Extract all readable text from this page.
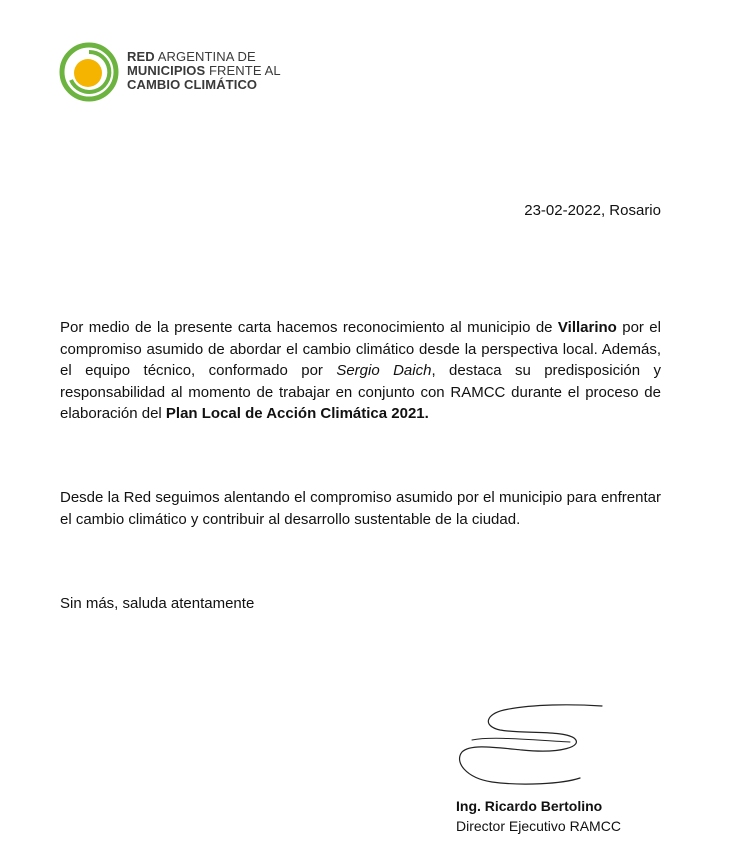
RED ARGENTINA DE
MUNICIPIOS FRENTE AL
CAMBIO CLIMÁTICO
23-02-2022, Rosario
Por medio de la presente carta hacemos reconocimiento al municipio de Villarino por el compromiso asumido de abordar el cambio climático desde la perspectiva local. Además, el equipo técnico, conformado por Sergio Daich, destaca su predisposición y responsabilidad al momento de trabajar en conjunto con RAMCC durante el proceso de elaboración del Plan Local de Acción Climática 2021.
Desde la Red seguimos alentando el compromiso asumido por el municipio para enfrentar el cambio climático y contribuir al desarrollo sustentable de la ciudad.
Sin más, saluda atentamente
Ing. Ricardo Bertolino
Director Ejecutivo RAMCC
